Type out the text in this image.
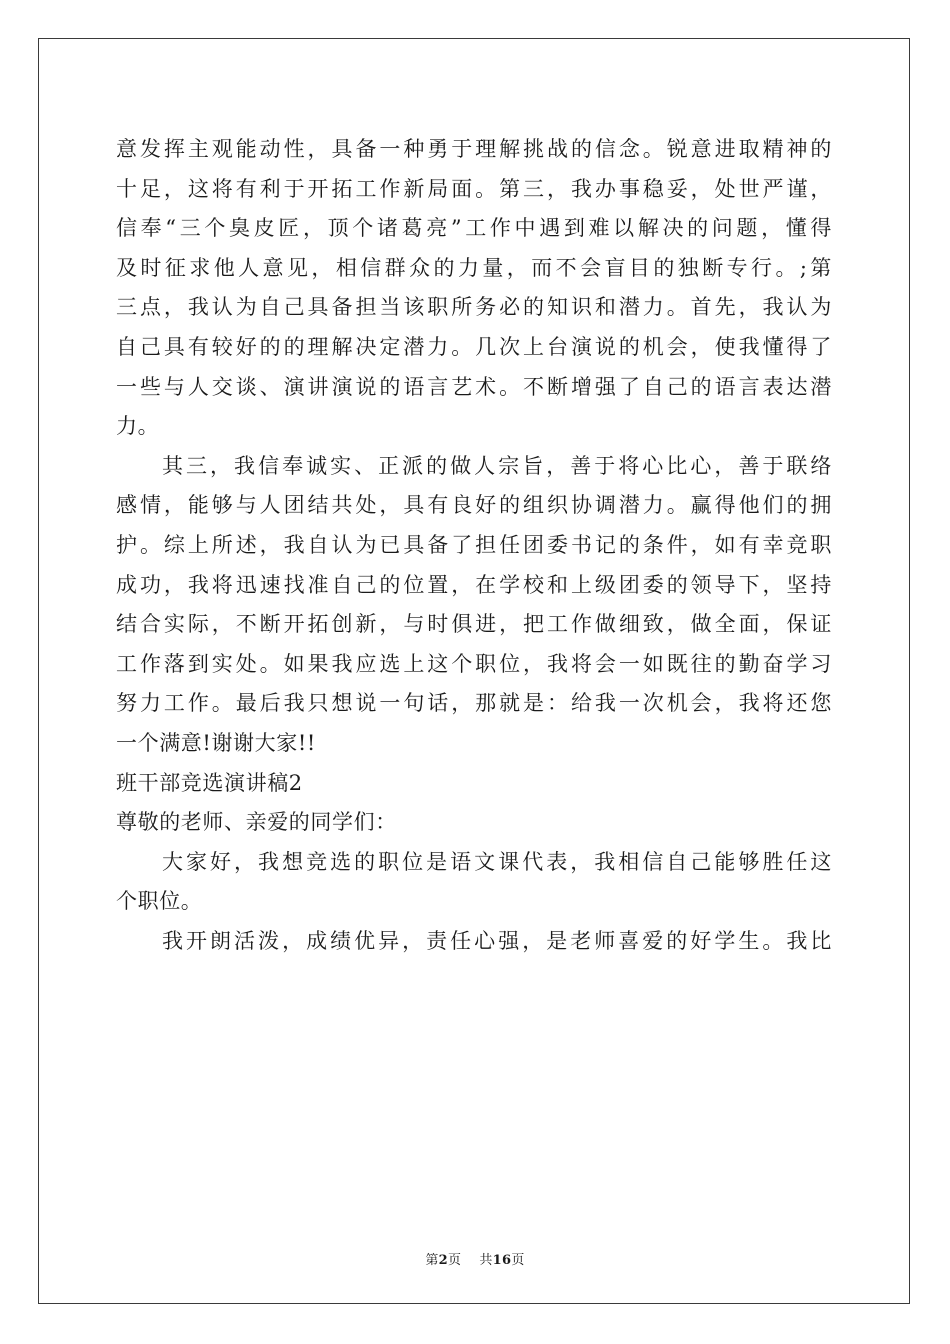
意发挥主观能动性，具备一种勇于理解挑战的信念。锐意进取精神的
十足，这将有利于开拓工作新局面。第三，我办事稳妥，处世严谨，
信奉“三个臭皮匠，顶个诸葛亮”工作中遇到难以解决的问题，懂得
及时征求他人意见，相信群众的力量，而不会盲目的独断专行。;第
三点，我认为自己具备担当该职所务必的知识和潜力。首先，我认为
自己具有较好的的理解决定潜力。几次上台演说的机会，使我懂得了
一些与人交谈、演讲演说的语言艺术。不断增强了自己的语言表达潜
力。
其三，我信奉诚实、正派的做人宗旨，善于将心比心，善于联络
感情，能够与人团结共处，具有良好的组织协调潜力。赢得他们的拥
护。综上所述，我自认为已具备了担任团委书记的条件，如有幸竞职
成功，我将迅速找准自己的位置，在学校和上级团委的领导下，坚持
结合实际，不断开拓创新，与时俱进，把工作做细致，做全面，保证
工作落到实处。如果我应选上这个职位，我将会一如既往的勤奋学习
努力工作。最后我只想说一句话，那就是：给我一次机会，我将还您
一个满意!谢谢大家!!
班干部竞选演讲稿2
尊敬的老师、亲爱的同学们：
大家好，我想竞选的职位是语文课代表，我相信自己能够胜任这
个职位。
我开朗活泼，成绩优异，责任心强，是老师喜爱的好学生。我比
第2页 共16页
